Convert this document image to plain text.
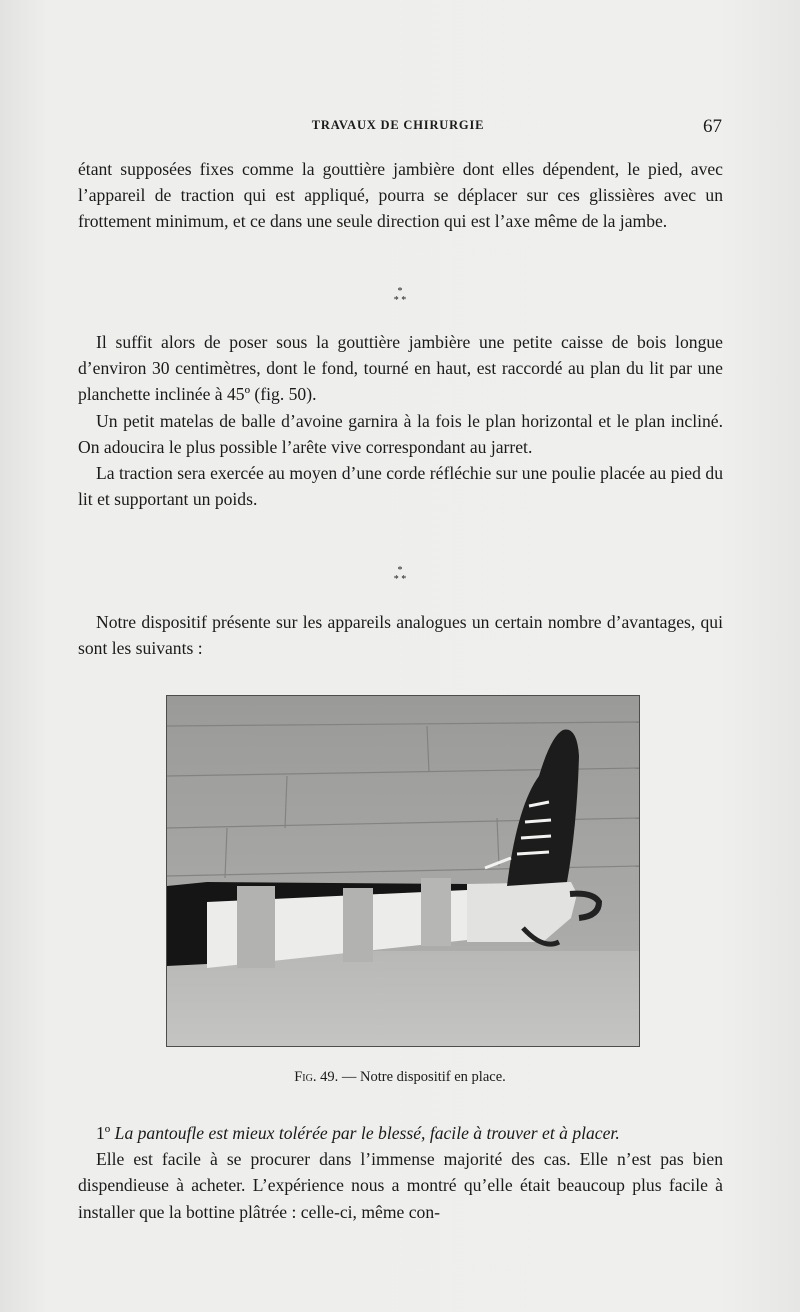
TRAVAUX DE CHIRURGIE	67

étant supposées fixes comme la gouttière jambière dont elles dépendent, le pied, avec l’appareil de traction qui est appliqué, pourra se déplacer sur ces glissières avec un frottement minimum, et ce dans une seule direction qui est l’axe même de la jambe.

*
* *

Il suffit alors de poser sous la gouttière jambière une petite caisse de bois longue d’environ 30 centimètres, dont le fond, tourné en haut, est raccordé au plan du lit par une planchette inclinée à 45º (fig. 50).

Un petit matelas de balle d’avoine garnira à la fois le plan horizontal et le plan incliné. On adoucira le plus possible l’arête vive correspondant au jarret.

La traction sera exercée au moyen d’une corde réfléchie sur une poulie placée au pied du lit et supportant un poids.

*
* *

Notre dispositif présente sur les appareils analogues un certain nombre d’avantages, qui sont les suivants :

Fig. 49. — Notre dispositif en place.

1º La pantoufle est mieux tolérée par le blessé, facile à trouver et à placer.

Elle est facile à se procurer dans l’immense majorité des cas. Elle n’est pas bien dispendieuse à acheter. L’expérience nous a montré qu’elle était beaucoup plus facile à installer que la bottine plâtrée : celle-ci, même con-
